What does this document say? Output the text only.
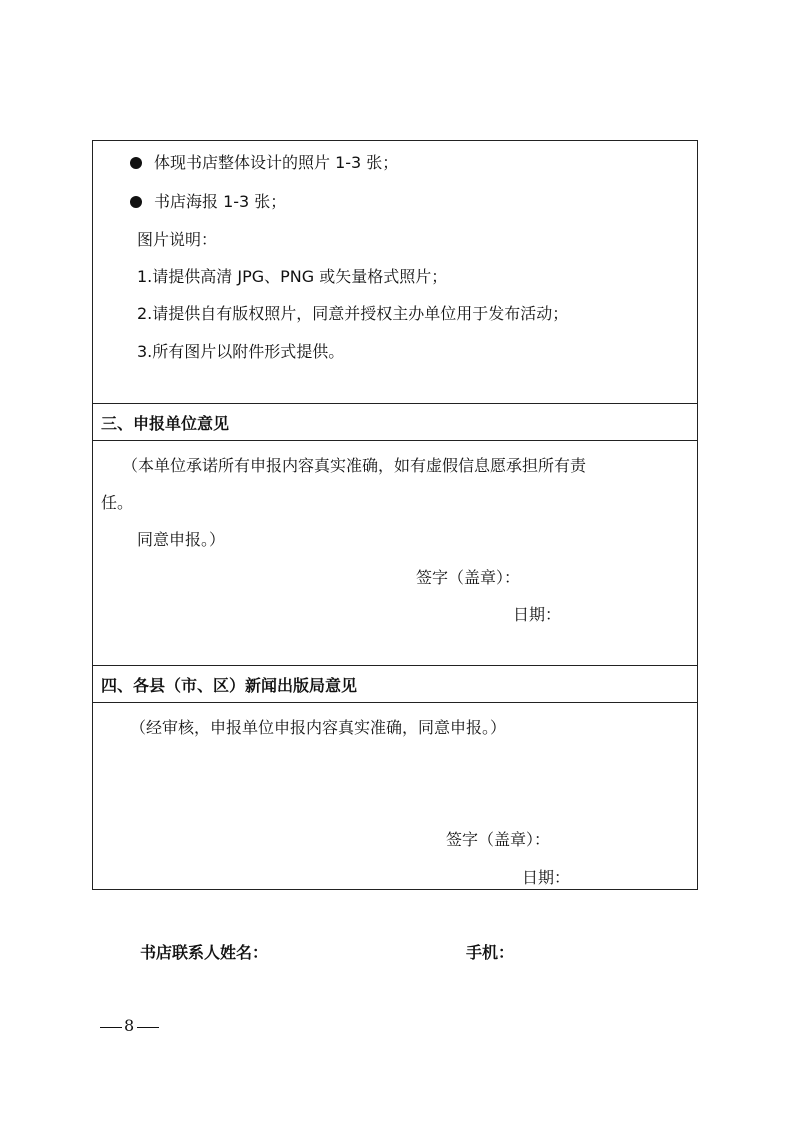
体现书店整体设计的照片 1-3 张；
书店海报 1-3 张；
图片说明：
1.请提供高清 JPG、PNG 或矢量格式照片；
2.请提供自有版权照片，同意并授权主办单位用于发布活动；
3.所有图片以附件形式提供。
三、申报单位意见
（本单位承诺所有申报内容真实准确，如有虚假信息愿承担所有责
任。
同意申报。）
签字（盖章）：
日期：
四、各县（市、区）新闻出版局意见
（经审核，申报单位申报内容真实准确，同意申报。）
签字（盖章）：
日期：
书店联系人姓名：	手机：
8
